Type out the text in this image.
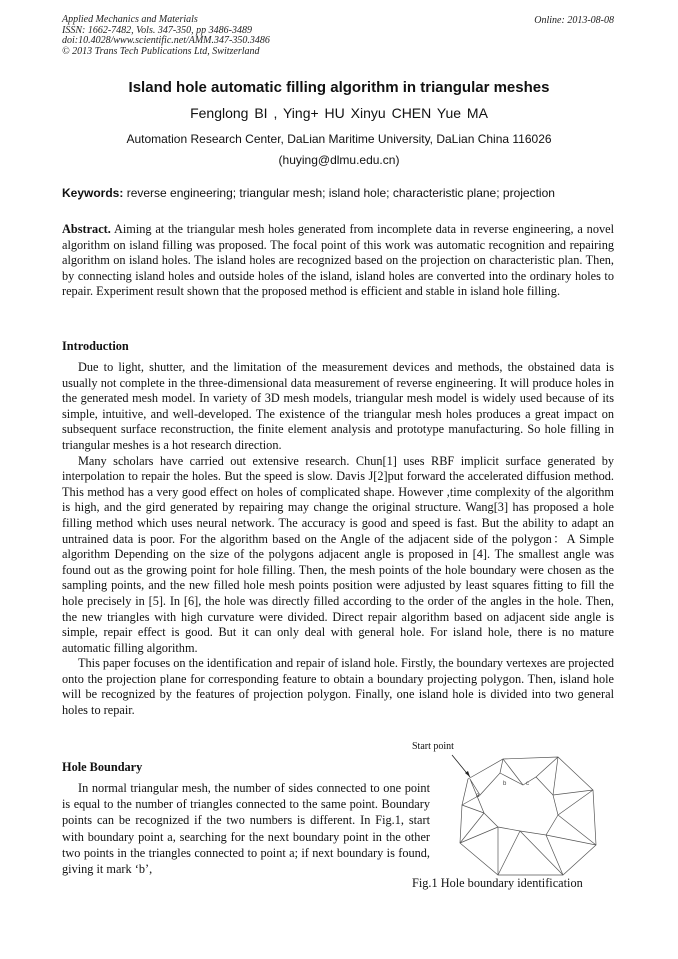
Applied Mechanics and Materials
ISSN: 1662-7482, Vols. 347-350, pp 3486-3489
doi:10.4028/www.scientific.net/AMM.347-350.3486
© 2013 Trans Tech Publications Ltd, Switzerland
Online: 2013-08-08
Island hole automatic filling algorithm in triangular meshes
Fenglong BI , Ying+ HU Xinyu CHEN Yue MA
Automation Research Center, DaLian Maritime University, DaLian China 116026
(huying@dlmu.edu.cn)
Keywords: reverse engineering; triangular mesh; island hole; characteristic plane; projection

Abstract. Aiming at the triangular mesh holes generated from incomplete data in reverse engineering, a novel algorithm on island filling was proposed. The focal point of this work was automatic recognition and repairing algorithm on island holes. The island holes are recognized based on the projection on characteristic plan. Then, by connecting island holes and outside holes of the island, island holes are converted into the ordinary holes to repair. Experiment result shown that the proposed method is efficient and stable in island hole filling.

Introduction

Due to light, shutter, and the limitation of the measurement devices and methods, the obstained data is usually not complete in the three-dimensional data measurement of reverse engineering. It will produce holes in the generated mesh model. In variety of 3D mesh models, triangular mesh model is widely used because of its simple, intuitive, and well-developed. The existence of the triangular mesh holes produces a great impact on subsequent surface reconstruction, the finite element analysis and prototype manufacturing. So hole filling in triangular meshes is a hot research direction.

Many scholars have carried out extensive research. Chun[1] uses RBF implicit surface generated by interpolation to repair the holes. But the speed is slow. Davis J[2]put forward the accelerated diffusion method. This method has a very good effect on holes of complicated shape. However ,time complexity of the algorithm is high, and the gird generated by repairing may change the original structure. Wang[3] has proposed a hole filling method which uses neural network. The accuracy is good and speed is fast. But the ability to adapt an untrained data is poor. For the algorithm based on the Angle of the adjacent side of the polygon：A Simple algorithm Depending on the size of the polygons adjacent angle is proposed in [4]. The smallest angle was found out as the growing point for hole filling. Then, the mesh points of the hole boundary were chosen as the sampling points, and the new filled hole mesh points position were adjusted by least squares fitting to fill the hole precisely in [5]. In [6], the hole was directly filled according to the order of the angles in the hole. Then, the new triangles with high curvature were divided. Direct repair algorithm based on adjacent side angle is simple, repair effect is good. But it can only deal with general hole. For island hole, there is no mature automatic filling algorithm.

This paper focuses on the identification and repair of island hole. Firstly, the boundary vertexes are projected onto the projection plane for corresponding feature to obtain a boundary projecting polygon. Then, island hole will be recognized by the features of projection polygon. Finally, one island hole is divided into two general holes to repair.

Hole Boundary

In normal triangular mesh, the number of sides connected to one point is equal to the number of triangles connected to the same point. Boundary points can be recognized if the two numbers is different. In Fig.1, start with boundary point a, searching for the next boundary point in the other two points in the triangles connected to point a; if next boundary is found, giving it mark ‘b’,

Start point
a
b	c
Fig.1 Hole boundary identification
